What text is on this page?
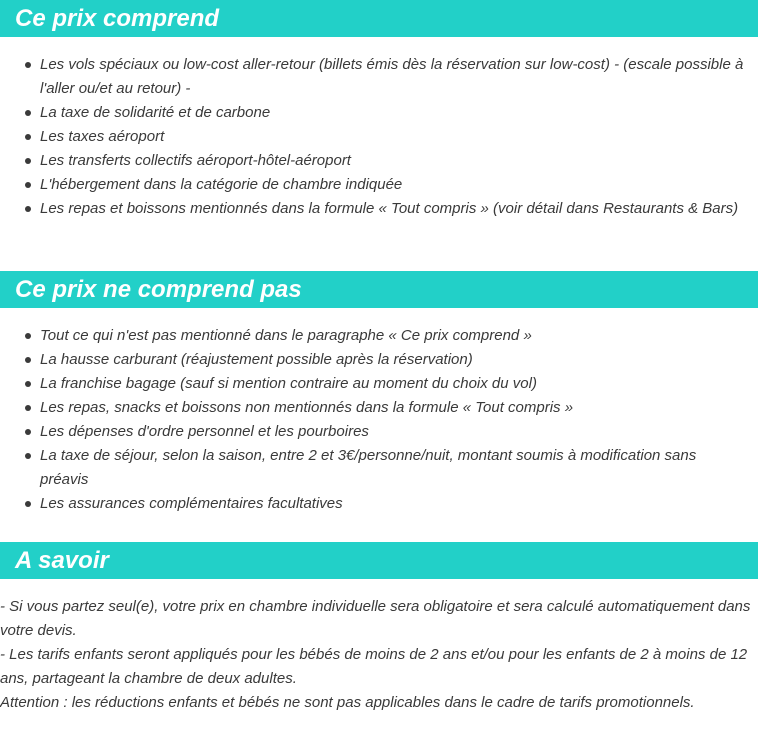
Ce prix comprend
Les vols spéciaux ou low-cost aller-retour (billets émis dès la réservation sur low-cost) - (escale possible à l'aller ou/et au retour) -
La taxe de solidarité et de carbone
Les taxes aéroport
Les transferts collectifs aéroport-hôtel-aéroport
L'hébergement dans la catégorie de chambre indiquée
Les repas et boissons mentionnés dans la formule « Tout compris » (voir détail dans Restaurants & Bars)
Ce prix ne comprend pas
Tout ce qui n'est pas mentionné dans le paragraphe « Ce prix comprend »
La hausse carburant (réajustement possible après la réservation)
La franchise bagage (sauf si mention contraire au moment du choix du vol)
Les repas, snacks et boissons non mentionnés dans la formule « Tout compris »
Les dépenses d'ordre personnel et les pourboires
La taxe de séjour, selon la saison, entre 2 et 3€/personne/nuit, montant soumis à modification sans préavis
Les assurances complémentaires facultatives
A savoir

- Si vous partez seul(e), votre prix en chambre individuelle sera obligatoire et sera calculé automatiquement dans votre devis.

- Les tarifs enfants seront appliqués pour les bébés de moins de 2 ans et/ou pour les enfants de 2 à moins de 12 ans, partageant la chambre de deux adultes.

Attention : les réductions enfants et bébés ne sont pas applicables dans le cadre de tarifs promotionnels.
